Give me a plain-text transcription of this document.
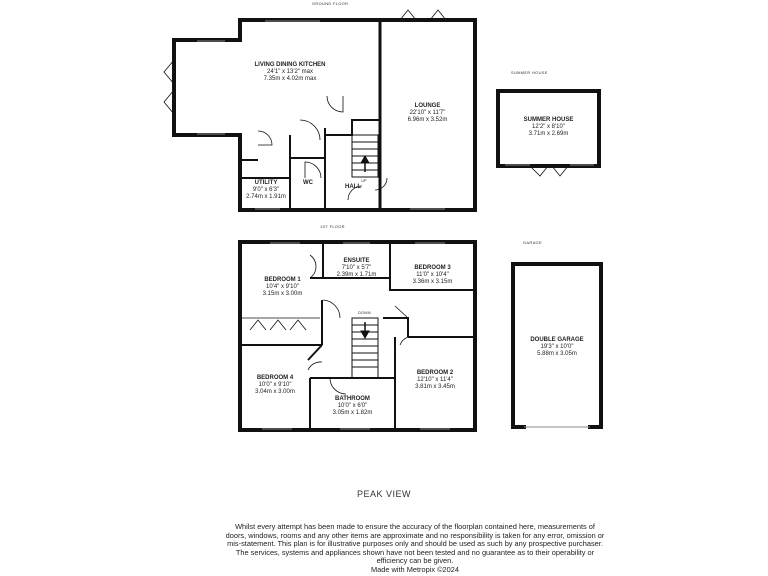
GROUND FLOOR
1ST FLOOR
SUMMER HOUSE
GARAGE
LIVING DINING KITCHEN
24'1" x 13'2" max
7.35m x 4.02m max
LOUNGE
22'10" x 11'7"
6.96m x 3.52m
UTILITY
9'0" x 6'3"
2.74m x 1.91m
WC
HALL
UP
SUMMER HOUSE
12'2" x 8'10"
3.71m x 2.69m
BEDROOM 1
10'4" x 9'10"
3.15m x 3.00m
ENSUITE
7'10" x 5'7"
2.39m x 1.71m
BEDROOM 3
11'0" x 10'4"
3.36m x 3.15m
DOWN
BEDROOM 4
10'0" x 9'10"
3.04m x 3.00m
BATHROOM
10'0" x 6'0"
3.05m x 1.82m
BEDROOM 2
12'10" x 11'4"
3.81m x 3.45m
DOUBLE GARAGE
19'3" x 10'0"
5.88m x 3.05m
PEAK VIEW
Whilst every attempt has been made to ensure the accuracy of the floorplan contained here, measurements of doors, windows, rooms and any other items are approximate and no responsibility is taken for any error, omission or mis-statement. This plan is for illustrative purposes only and should be used as such by any prospective purchaser. The services, systems and appliances shown have not been tested and no guarantee as to their operability or efficiency can be given.
Made with Metropix ©2024
